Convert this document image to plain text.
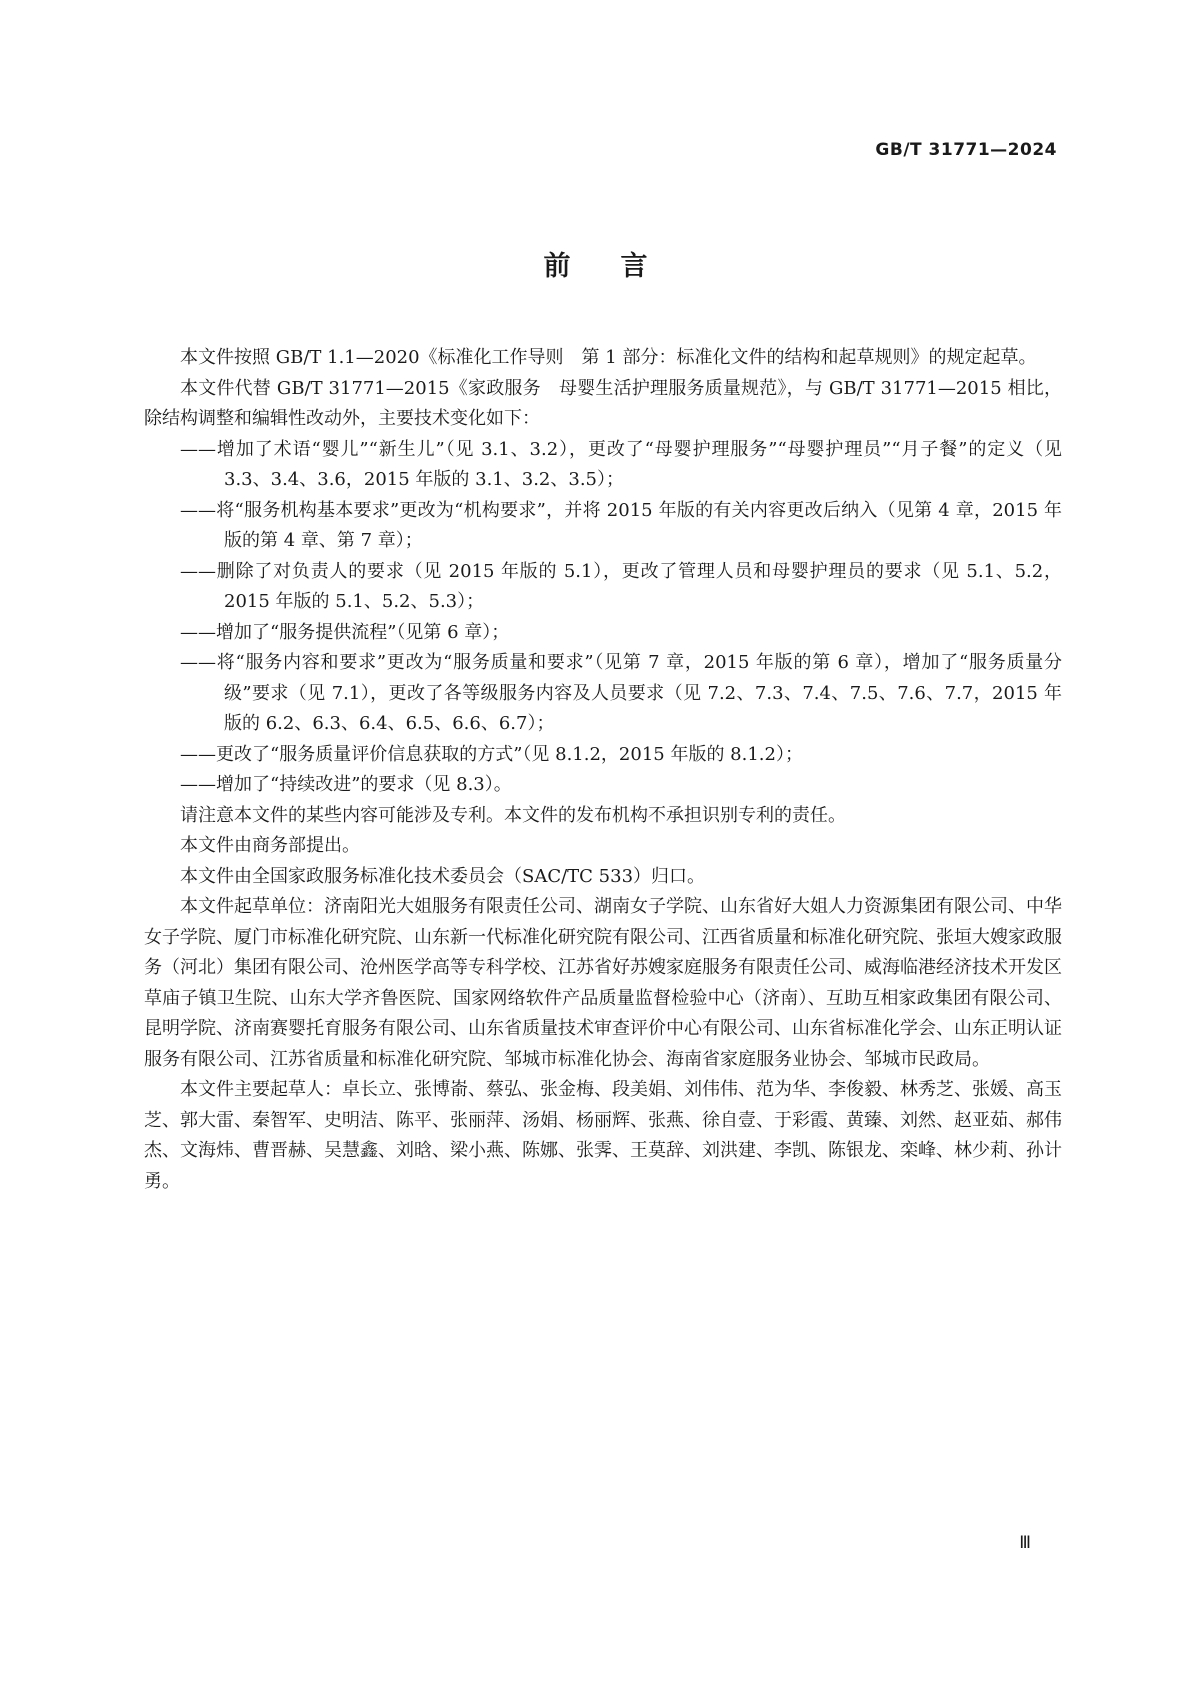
GB/T 31771—2024
前言
本文件按照 GB/T 1.1—2020《标准化工作导则　第 1 部分：标准化文件的结构和起草规则》的规定起草。
本文件代替 GB/T 31771—2015《家政服务　母婴生活护理服务质量规范》，与 GB/T 31771—2015 相比，除结构调整和编辑性改动外，主要技术变化如下：
——增加了术语“婴儿”“新生儿”（见 3.1、3.2），更改了“母婴护理服务”“母婴护理员”“月子餐”的定义（见 3.3、3.4、3.6，2015 年版的 3.1、3.2、3.5）；
——将“服务机构基本要求”更改为“机构要求”，并将 2015 年版的有关内容更改后纳入（见第 4 章，2015 年版的第 4 章、第 7 章）；
——删除了对负责人的要求（见 2015 年版的 5.1），更改了管理人员和母婴护理员的要求（见 5.1、5.2，2015 年版的 5.1、5.2、5.3）；
——增加了“服务提供流程”（见第 6 章）；
——将“服务内容和要求”更改为“服务质量和要求”（见第 7 章，2015 年版的第 6 章），增加了“服务质量分级”要求（见 7.1），更改了各等级服务内容及人员要求（见 7.2、7.3、7.4、7.5、7.6、7.7，2015 年版的 6.2、6.3、6.4、6.5、6.6、6.7）；
——更改了“服务质量评价信息获取的方式”（见 8.1.2，2015 年版的 8.1.2）；
——增加了“持续改进”的要求（见 8.3）。
请注意本文件的某些内容可能涉及专利。本文件的发布机构不承担识别专利的责任。
本文件由商务部提出。
本文件由全国家政服务标准化技术委员会（SAC/TC 533）归口。
本文件起草单位：济南阳光大姐服务有限责任公司、湖南女子学院、山东省好大姐人力资源集团有限公司、中华女子学院、厦门市标准化研究院、山东新一代标准化研究院有限公司、江西省质量和标准化研究院、张垣大嫂家政服务（河北）集团有限公司、沧州医学高等专科学校、江苏省好苏嫂家庭服务有限责任公司、威海临港经济技术开发区草庙子镇卫生院、山东大学齐鲁医院、国家网络软件产品质量监督检验中心（济南）、互助互相家政集团有限公司、昆明学院、济南赛婴托育服务有限公司、山东省质量技术审查评价中心有限公司、山东省标准化学会、山东正明认证服务有限公司、江苏省质量和标准化研究院、邹城市标准化协会、海南省家庭服务业协会、邹城市民政局。
本文件主要起草人：卓长立、张博嵛、蔡弘、张金梅、段美娟、刘伟伟、范为华、李俊毅、林秀芝、张媛、高玉芝、郭大雷、秦智军、史明洁、陈平、张丽萍、汤娟、杨丽辉、张燕、徐自壹、于彩霞、黄臻、刘然、赵亚茹、郝伟杰、文海炜、曹晋赫、吴慧鑫、刘晗、梁小燕、陈娜、张霁、王莫辞、刘洪建、李凯、陈银龙、栾峰、林少莉、孙计勇。
Ⅲ
